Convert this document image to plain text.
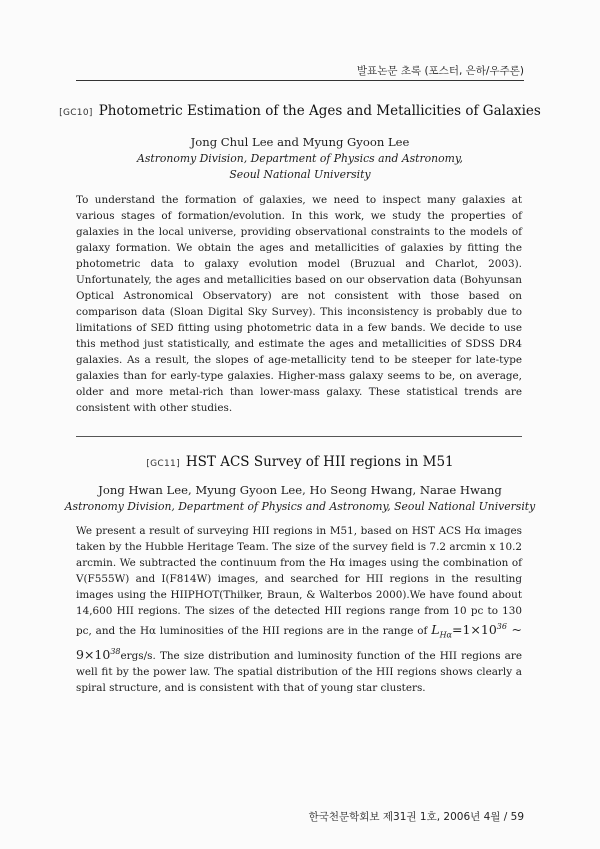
발표논문 초록 (포스터, 은하/우주론)
[GC10] Photometric Estimation of the Ages and Metallicities of Galaxies
Jong Chul Lee and Myung Gyoon Lee
Astronomy Division, Department of Physics and Astronomy,
Seoul National University

To understand the formation of galaxies, we need to inspect many galaxies at various stages of formation/evolution. In this work, we study the properties of galaxies in the local universe, providing observational constraints to the models of galaxy formation. We obtain the ages and metallicities of galaxies by fitting the photometric data to galaxy evolution model (Bruzual and Charlot, 2003). Unfortunately, the ages and metallicities based on our observation data (Bohyunsan Optical Astronomical Observatory) are not consistent with those based on comparison data (Sloan Digital Sky Survey). This inconsistency is probably due to limitations of SED fitting using photometric data in a few bands. We decide to use this method just statistically, and estimate the ages and metallicities of SDSS DR4 galaxies. As a result, the slopes of age-metallicity tend to be steeper for late-type galaxies than for early-type galaxies. Higher-mass galaxy seems to be, on average, older and more metal-rich than lower-mass galaxy. These statistical trends are consistent with other studies.

[GC11] HST ACS Survey of HII regions in M51
Jong Hwan Lee, Myung Gyoon Lee, Ho Seong Hwang, Narae Hwang
Astronomy Division, Department of Physics and Astronomy, Seoul National University

We present a result of surveying HII regions in M51, based on HST ACS Hα images taken by the Hubble Heritage Team. The size of the survey field is 7.2 arcmin x 10.2 arcmin. We subtracted the continuum from the Hα images using the combination of V(F555W) and I(F814W) images, and searched for HII regions in the resulting images using the HIIPHOT(Thilker, Braun, & Walterbos 2000).We have found about 14,600 HII regions. The sizes of the detected HII regions range from 10 pc to 130 pc, and the Hα luminosities of the HII regions are in the range of $L_{H\alpha}=1\times 10^{36}$ ~ $9\times 10^{38}ergs/s$. The size distribution and luminosity function of the HII regions are well fit by the power law. The spatial distribution of the HII regions shows clearly a spiral structure, and is consistent with that of young star clusters.

한국천문학회보 제31권 1호, 2006년 4월 / 59
